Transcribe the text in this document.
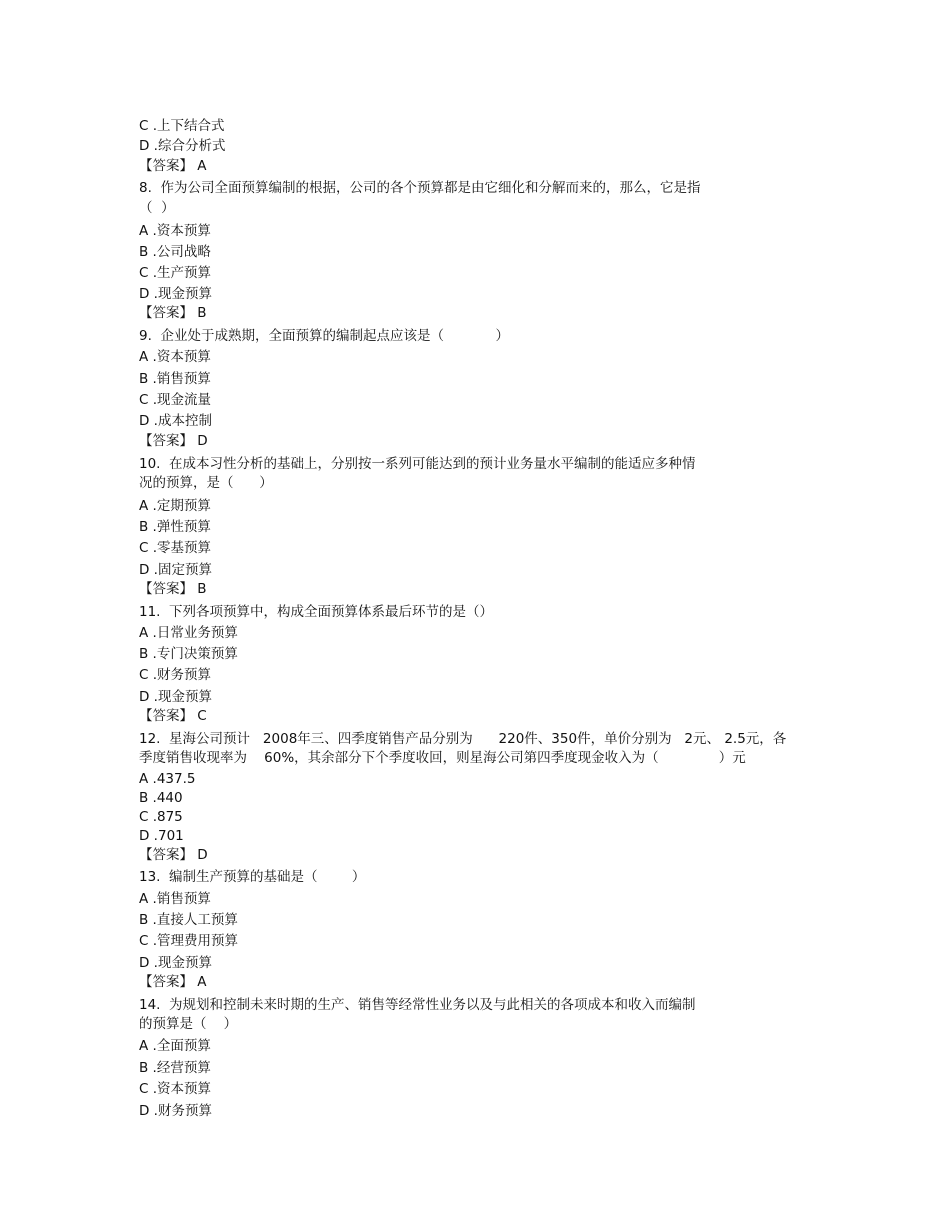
C .上下结合式
D .综合分析式
【答案】 A
8.  作为公司全面预算编制的根据，公司的各个预算都是由它细化和分解而来的，那么，它是指
（  ）
A .资本预算
B .公司战略
C .生产预算
D .现金预算
【答案】 B
9.  企业处于成熟期，全面预算的编制起点应该是（            ）
A .资本预算
B .销售预算
C .现金流量
D .成本控制
【答案】 D
10.  在成本习性分析的基础上，分别按一系列可能达到的预计业务量水平编制的能适应多种情
况的预算，是（      ）
A .定期预算
B .弹性预算
C .零基预算
D .固定预算
【答案】 B
11.  下列各项预算中，构成全面预算体系最后环节的是（）
A .日常业务预算
B .专门决策预算
C .财务预算
D .现金预算
【答案】 C
12.  星海公司预计   2008年三、四季度销售产品分别为      220件、350件，单价分别为   2元、 2.5元，各
季度销售收现率为    60%，其余部分下个季度收回，则星海公司第四季度现金收入为（              ）元
A .437.5
B .440
C .875
D .701
【答案】 D
13.  编制生产预算的基础是（        ）
A .销售预算
B .直接人工预算
C .管理费用预算
D .现金预算
【答案】 A
14.  为规划和控制未来时期的生产、销售等经常性业务以及与此相关的各项成本和收入而编制
的预算是（    ）
A .全面预算
B .经营预算
C .资本预算
D .财务预算
